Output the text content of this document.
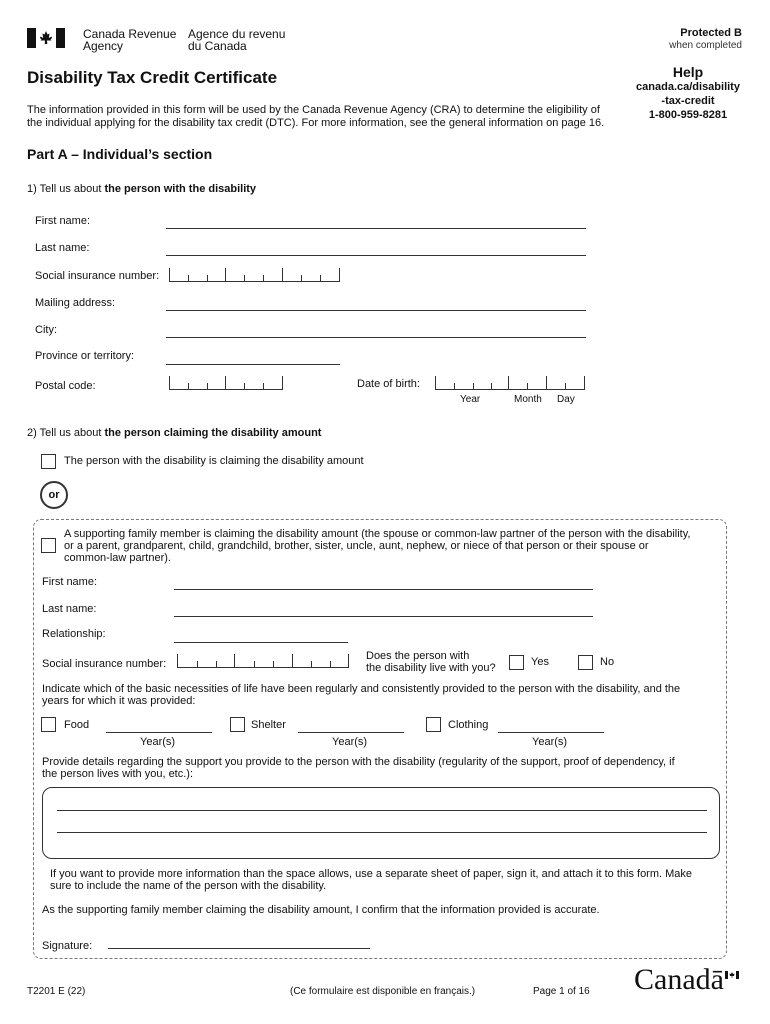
Canada Revenue
Agency
Agence du revenu
du Canada
Protected B
when completed
Disability Tax Credit Certificate	Help
canada.ca/disability
-tax-credit
1-800-959-8281
The information provided in this form will be used by the Canada Revenue Agency (CRA) to determine the eligibility of
the individual applying for the disability tax credit (DTC). For more information, see the general information on page 16.
Part A – Individual’s section
1) Tell us about the person with the disability
First name:
Last name:
Social insurance number:
Mailing address:
City:
Province or territory:
Postal code:	Date of birth:
Year	Month Day
2) Tell us about the person claiming the disability amount
The person with the disability is claiming the disability amount
or
A supporting family member is claiming the disability amount (the spouse or common-law partner of the person with the disability,
or a parent, grandparent, child, grandchild, brother, sister, uncle, aunt, nephew, or niece of that person or their spouse or
common-law partner).
First name:
Last name:
Relationship:
Social insurance number:
Does the person with
the disability live with you?	Yes	No
Indicate which of the basic necessities of life have been regularly and consistently provided to the person with the disability, and the
years for which it was provided:
Food
Year(s)
Shelter
Year(s)
Clothing
Year(s)
Provide details regarding the support you provide to the person with the disability (regularity of the support, proof of dependency, if
the person lives with you, etc.):
If you want to provide more information than the space allows, use a separate sheet of paper, sign it, and attach it to this form. Make
sure to include the name of the person with the disability.
As the supporting family member claiming the disability amount, I confirm that the information provided is accurate.
Signature:
T2201 E (22)	(Ce formulaire est disponible en français.)	Page 1 of 16 Canadā
